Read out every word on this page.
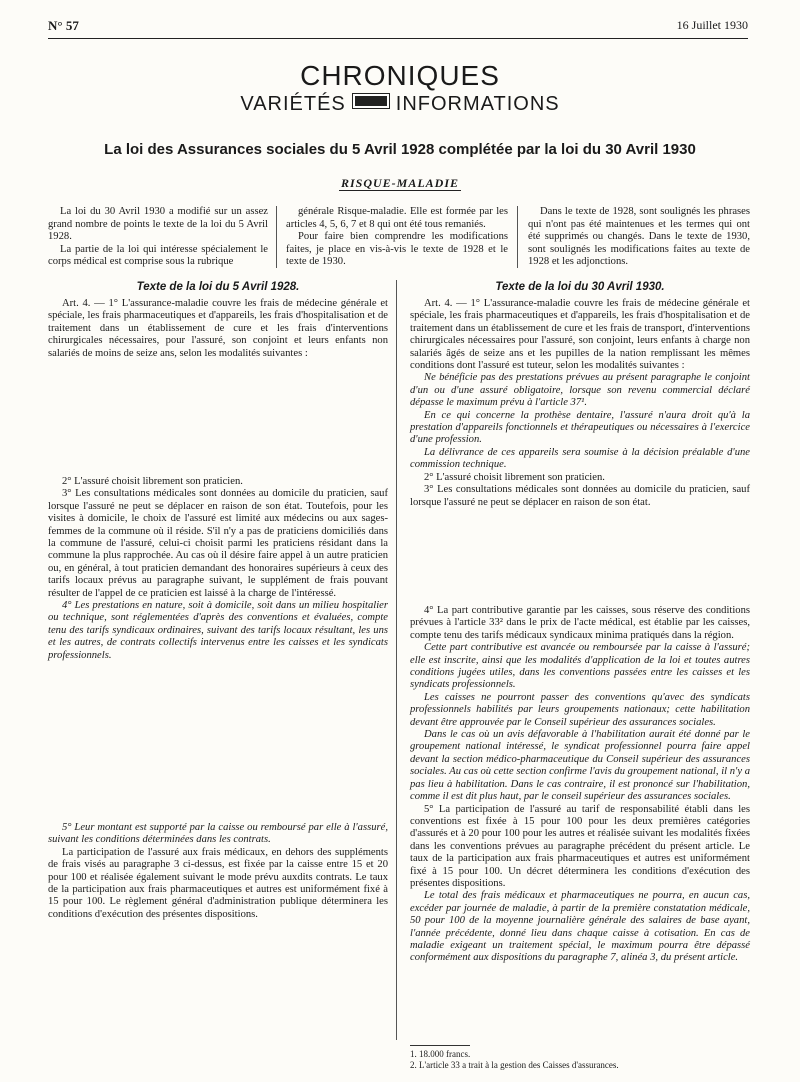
N° 57	16 Juillet 1930
CHRONIQUES
VARIÉTÉS	INFORMATIONS
La loi des Assurances sociales du 5 Avril 1928 complétée par la loi du 30 Avril 1930
RISQUE-MALADIE

La loi du 30 Avril 1930 a modifié sur un assez grand nombre de points le texte de la loi du 5 Avril 1928.

La partie de la loi qui intéresse spécialement le corps médical est comprise sous la rubrique

générale Risque-maladie. Elle est formée par les articles 4, 5, 6, 7 et 8 qui ont été tous remaniés.

Pour faire bien comprendre les modifications faites, je place en vis-à-vis le texte de 1928 et le texte de 1930.

Dans le texte de 1928, sont soulignés les phrases qui n'ont pas été maintenues et les termes qui ont été supprimés ou changés. Dans le texte de 1930, sont soulignés les modifications faites au texte de 1928 et les adjonctions.

Texte de la loi du 5 Avril 1928.	Texte de la loi du 30 Avril 1930.

Art. 4. — 1° L'assurance-maladie couvre les frais de médecine générale et spéciale, les frais pharmaceutiques et d'appareils, les frais d'hospitalisation et de traitement dans un établissement de cure et les frais d'interventions chirurgicales nécessaires, pour l'assuré, son conjoint et leurs enfants non salariés de moins de seize ans, selon les modalités suivantes :

2° L'assuré choisit librement son praticien.

3° Les consultations médicales sont données au domicile du praticien, sauf lorsque l'assuré ne peut se déplacer en raison de son état. Toutefois, pour les visites à domicile, le choix de l'assuré est limité aux médecins ou aux sages-femmes de la commune où il réside. S'il n'y a pas de praticiens domiciliés dans la commune de l'assuré, celui-ci choisit parmi les praticiens résidant dans la commune la plus rapprochée. Au cas où il désire faire appel à un autre praticien ou, en général, à tout praticien demandant des honoraires supérieurs à ceux des tarifs locaux prévus au paragraphe suivant, le supplément de frais pouvant résulter de l'appel de ce praticien est laissé à la charge de l'intéressé.

4° Les prestations en nature, soit à domicile, soit dans un milieu hospitalier ou technique, sont réglementées d'après des conventions et évaluées, compte tenu des tarifs syndicaux ordinaires, suivant des tarifs locaux résultant, les uns et les autres, de contrats collectifs intervenus entre les caisses et les syndicats professionnels.

5° Leur montant est supporté par la caisse ou remboursé par elle à l'assuré, suivant les conditions déterminées dans les contrats.

La participation de l'assuré aux frais médicaux, en dehors des suppléments de frais visés au paragraphe 3 ci-dessus, est fixée par la caisse entre 15 et 20 pour 100 et réalisée également suivant le mode prévu auxdits contrats. Le taux de la participation aux frais pharmaceutiques et autres est uniformément fixé à 15 pour 100. Le règlement général d'administration publique déterminera les conditions d'exécution des présentes dispositions.

Art. 4. — 1° L'assurance-maladie couvre les frais de médecine générale et spéciale, les frais pharmaceutiques et d'appareils, les frais d'hospitalisation et de traitement dans un établissement de cure et les frais de transport, d'interventions chirurgicales nécessaires pour l'assuré, son conjoint, leurs enfants à charge non salariés âgés de seize ans et les pupilles de la nation remplissant les mêmes conditions dont l'assuré est tuteur, selon les modalités suivantes :

Ne bénéficie pas des prestations prévues au présent paragraphe le conjoint d'un ou d'une assuré obligatoire, lorsque son revenu commercial déclaré dépasse le maximum prévu à l'article 37¹.

En ce qui concerne la prothèse dentaire, l'assuré n'aura droit qu'à la prestation d'appareils fonctionnels et thérapeutiques ou nécessaires à l'exercice d'une profession.

La délivrance de ces appareils sera soumise à la décision préalable d'une commission technique.

2° L'assuré choisit librement son praticien.

3° Les consultations médicales sont données au domicile du praticien, sauf lorsque l'assuré ne peut se déplacer en raison de son état.

4° La part contributive garantie par les caisses, sous réserve des conditions prévues à l'article 33² dans le prix de l'acte médical, est établie par les caisses, compte tenu des tarifs médicaux syndicaux minima pratiqués dans la région.

Cette part contributive est avancée ou remboursée par la caisse à l'assuré; elle est inscrite, ainsi que les modalités d'application de la loi et toutes autres conditions jugées utiles, dans les conventions passées entre les caisses et les syndicats professionnels.

Les caisses ne pourront passer des conventions qu'avec des syndicats professionnels habilités par leurs groupements nationaux; cette habilitation devant être approuvée par le Conseil supérieur des assurances sociales.

Dans le cas où un avis défavorable à l'habilitation aurait été donné par le groupement national intéressé, le syndicat professionnel pourra faire appel devant la section médico-pharmaceutique du Conseil supérieur des assurances sociales. Au cas où cette section confirme l'avis du groupement national, il n'y a pas lieu à habilitation. Dans le cas contraire, il est prononcé sur l'habilitation, comme il est dit plus haut, par le conseil supérieur des assurances sociales.

5° La participation de l'assuré au tarif de responsabilité établi dans les conventions est fixée à 15 pour 100 pour les deux premières catégories d'assurés et à 20 pour 100 pour les autres et réalisée suivant les modalités fixées dans les conventions prévues au paragraphe précédent du présent article. Le taux de la participation aux frais pharmaceutiques et autres est uniformément fixé à 15 pour 100. Un décret déterminera les conditions d'exécution des présentes dispositions.

Le total des frais médicaux et pharmaceutiques ne pourra, en aucun cas, excéder par journée de maladie, à partir de la première constatation médicale, 50 pour 100 de la moyenne journalière générale des salaires de base ayant, l'année précédente, donné lieu dans chaque caisse à cotisation. En cas de maladie exigeant un traitement spécial, le maximum pourra être dépassé conformément aux dispositions du paragraphe 7, alinéa 3, du présent article.

1. 18.000 francs.
2. L'article 33 a trait à la gestion des Caisses d'assurances.
